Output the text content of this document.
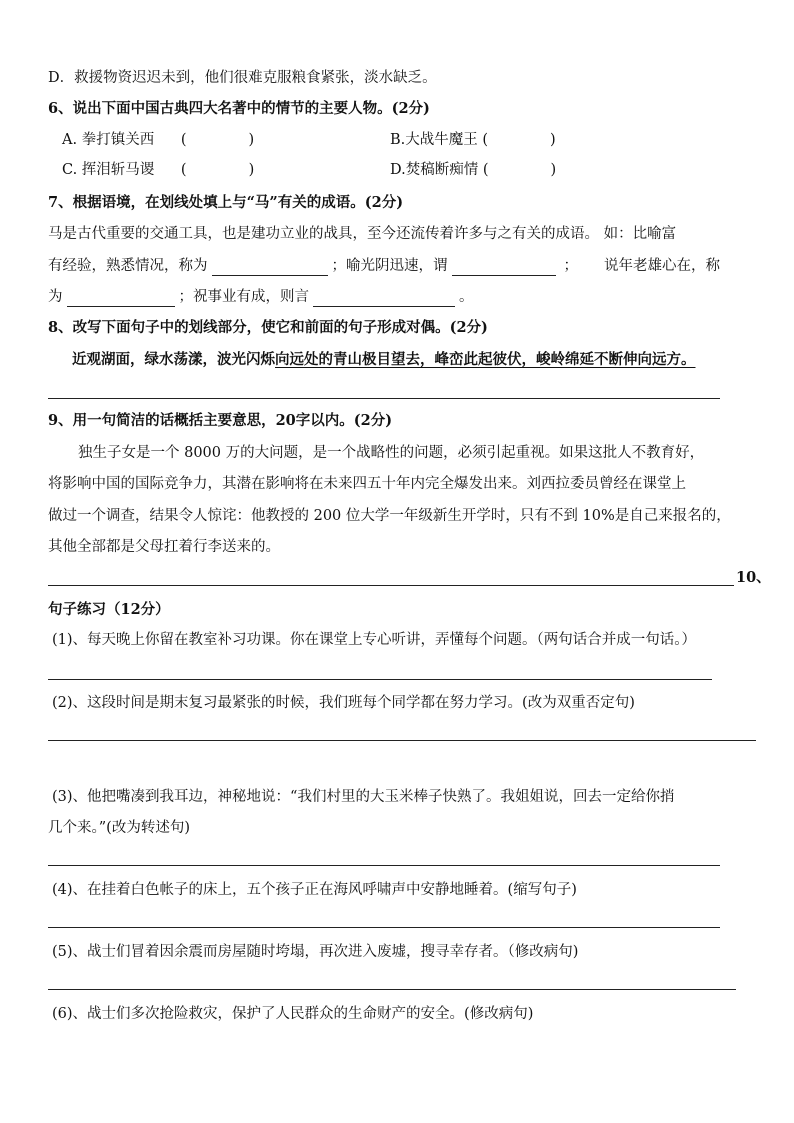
D．救援物资迟迟未到，他们很难克服粮食紧张，淡水缺乏。
6、说出下面中国古典四大名著中的情节的主要人物。(2分)
A. 拳打镇关西 (	)	B.大战牛魔王 (	)
C. 挥泪斩马谡 (	)	D.焚稿断痴情 (	)
7、根据语境，在划线处填上与“马”有关的成语。(2分)
马是古代重要的交通工具，也是建功立业的战具，至今还流传着许多与之有关的成语。 如：比喻富
有经验，熟悉情况，称为	；喻光阴迅速，谓	； 说年老雄心在，称
为	；祝事业有成，则言	。
8、改写下面句子中的划线部分，使它和前面的句子形成对偶。(2分)
近观湖面，绿水荡漾，波光闪烁向远处的青山极目望去，峰峦此起彼伏，峻岭绵延不断伸向远方。
9、用一句简洁的话概括主要意思，20字以内。(2分)
独生子女是一个 8000 万的大问题，是一个战略性的问题，必须引起重视。如果这批人不教育好，
将影响中国的国际竞争力，其潜在影响将在未来四五十年内完全爆发出来。刘西拉委员曾经在课堂上
做过一个调查，结果令人惊诧：他教授的 200 位大学一年级新生开学时，只有不到 10%是自己来报名的，
其他全部都是父母扛着行李送来的。
10、
句子练习（12分）
(1)、每天晚上你留在教室补习功课。你在课堂上专心听讲，弄懂每个问题。（两句话合并成一句话。）
(2)、这段时间是期末复习最紧张的时候，我们班每个同学都在努力学习。(改为双重否定句)
(3)、他把嘴凑到我耳边，神秘地说：“我们村里的大玉米棒子快熟了。我姐姐说，回去一定给你捎
几个来。”(改为转述句)
(4)、在挂着白色帐子的床上，五个孩子正在海风呼啸声中安静地睡着。(缩写句子)
(5)、战士们冒着因余震而房屋随时垮塌，再次进入废墟，搜寻幸存者。（修改病句)
(6)、战士们多次抢险救灾，保护了人民群众的生命财产的安全。(修改病句)
